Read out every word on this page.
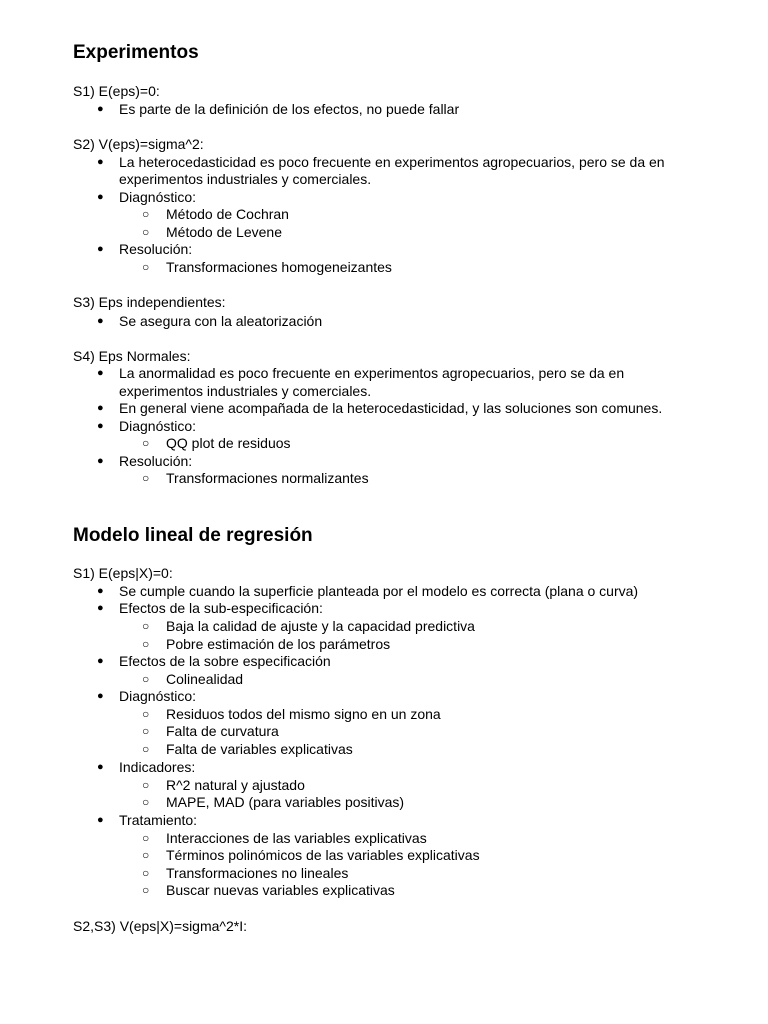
Experimentos
S1) E(eps)=0:
● Es parte de la definición de los efectos, no puede fallar
S2) V(eps)=sigma^2:
● La heterocedasticidad es poco frecuente en experimentos agropecuarios, pero se da en
experimentos industriales y comerciales.
● Diagnóstico:
○ Método de Cochran
○ Método de Levene
● Resolución:
○ Transformaciones homogeneizantes
S3) Eps independientes:
● Se asegura con la aleatorización
S4) Eps Normales:
● La anormalidad es poco frecuente en experimentos agropecuarios, pero se da en
experimentos industriales y comerciales.
● En general viene acompañada de la heterocedasticidad, y las soluciones son comunes.
● Diagnóstico:
○ QQ plot de residuos
● Resolución:
○ Transformaciones normalizantes
Modelo lineal de regresión
S1) E(eps|X)=0:
● Se cumple cuando la superficie planteada por el modelo es correcta (plana o curva)
● Efectos de la sub-especificación:
○ Baja la calidad de ajuste y la capacidad predictiva
○ Pobre estimación de los parámetros
● Efectos de la sobre especificación
○ Colinealidad
● Diagnóstico:
○ Residuos todos del mismo signo en un zona
○ Falta de curvatura
○ Falta de variables explicativas
● Indicadores:
○ R^2 natural y ajustado
○ MAPE, MAD (para variables positivas)
● Tratamiento:
○ Interacciones de las variables explicativas
○ Términos polinómicos de las variables explicativas
○ Transformaciones no lineales
○ Buscar nuevas variables explicativas
S2,S3) V(eps|X)=sigma^2*I:
